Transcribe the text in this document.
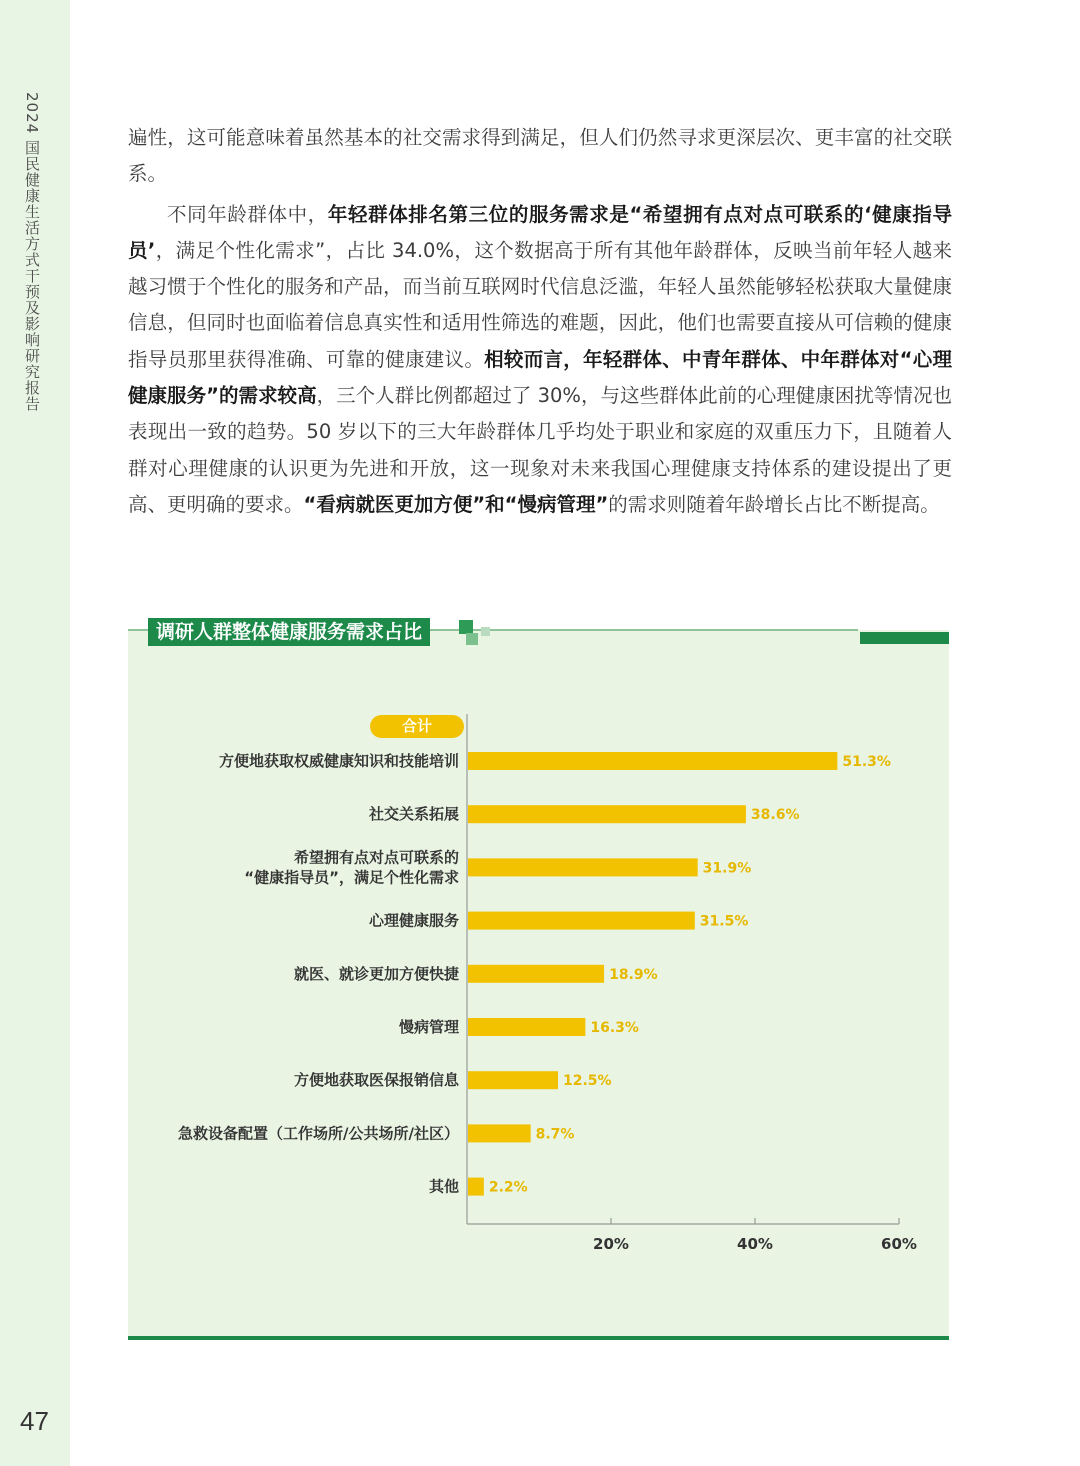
2024 国民健康生活方式干预及影响研究报告
47

遍性，这可能意味着虽然基本的社交需求得到满足，但人们仍然寻求更深层次、更丰富的社交联系。

不同年龄群体中，年轻群体排名第三位的服务需求是“希望拥有点对点可联系的‘健康指导员’，满足个性化需求”，占比 34.0%，这个数据高于所有其他年龄群体，反映当前年轻人越来越习惯于个性化的服务和产品，而当前互联网时代信息泛滥，年轻人虽然能够轻松获取大量健康信息，但同时也面临着信息真实性和适用性筛选的难题，因此，他们也需要直接从可信赖的健康指导员那里获得准确、可靠的健康建议。相较而言，年轻群体、中青年群体、中年群体对“心理健康服务”的需求较高，三个人群比例都超过了 30%，与这些群体此前的心理健康困扰等情况也表现出一致的趋势。50 岁以下的三大年龄群体几乎均处于职业和家庭的双重压力下，且随着人群对心理健康的认识更为先进和开放，这一现象对未来我国心理健康支持体系的建设提出了更高、更明确的要求。“看病就医更加方便”和“慢病管理”的需求则随着年龄增长占比不断提高。

调研人群整体健康服务需求占比
20%	40%	60%
51.3%
方便地获取权威健康知识和技能培训
38.6%
社交关系拓展
31.9%
希望拥有点对点可联系的
“健康指导员”，满足个性化需求
31.5%
心理健康服务
18.9%
就医、就诊更加方便快捷
16.3%
慢病管理
12.5%
方便地获取医保报销信息
8.7%
急救设备配置（工作场所/公共场所/社区）
2.2%
其他
合计
